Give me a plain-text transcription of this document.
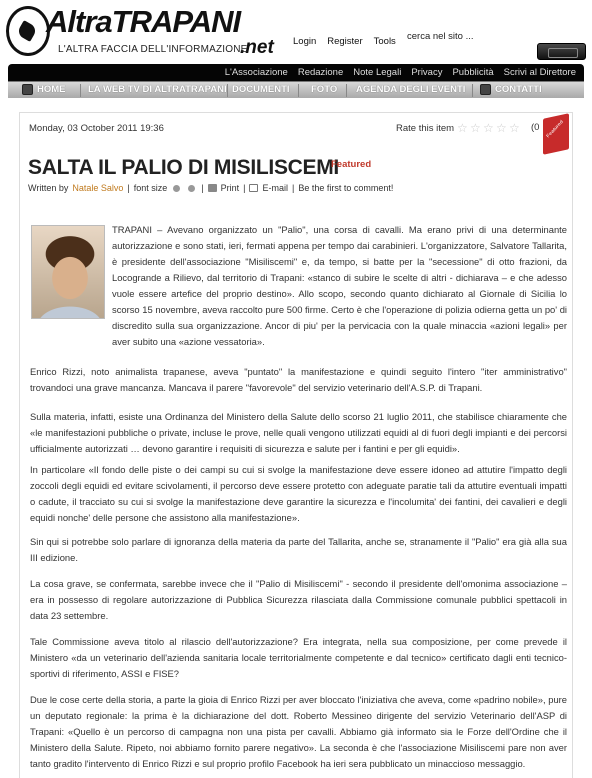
AltraTRAPANI
.net
L'ALTRA FACCIA DELL'INFORMAZIONE
Login Register Tools cerca nel sito ...
L'Associazione Redazione Note Legali Privacy Pubblicità Scrivi al Direttore
HOME LA WEB TV DI ALTRATRAPANI DOCUMENTI FOTO AGENDA DEGLI EVENTI	CONTATTI
Monday, 03 October 2011 19:36	Rate this item ☆ ☆ ☆ ☆ ☆ (0 Featured
SALTA IL PALIO DI MISILISCEMI
Featured
Written by Natale Salvo | font size	| Print | E-mail | Be the first to comment!
TRAPANI – Avevano organizzato un "Palio", una corsa di cavalli. Ma erano privi di una determinante autorizzazione e sono stati, ieri, fermati appena per tempo dai carabinieri. L'organizzatore, Salvatore Tallarita, è presidente dell'associazione "Misiliscemi" e, da tempo, si batte per la "secessione" di otto frazioni, da Locogrande a Rilievo, dal territorio di Trapani: «stanco di subire le scelte di altri - dichiarava – e che adesso vuole essere artefice del proprio destino». Allo scopo, secondo quanto dichiarato al Giornale di Sicilia lo scorso 15 novembre, aveva raccolto pure 500 firme. Certo è che l'operazione di polizia odierna getta un po' di discredito sulla sua organizzazione. Ancor di piu' per la pervicacia con la quale minaccia «azioni legali» per aver subito una «azione vessatoria».
Enrico Rizzi, noto animalista trapanese, aveva "puntato" la manifestazione e quindi seguito l'intero "iter amministrativo" trovandoci una grave mancanza. Mancava il parere "favorevole" del servizio veterinario dell'A.S.P. di Trapani.
Sulla materia, infatti, esiste una Ordinanza del Ministero della Salute dello scorso 21 luglio 2011, che stabilisce chiaramente che «le manifestazioni pubbliche o private, incluse le prove, nelle quali vengono utilizzati equidi al di fuori degli impianti e dei percorsi ufficialmente autorizzati … devono garantire i requisiti di sicurezza e salute per i fantini e per gli equidi».
In particolare «Il fondo delle piste o dei campi su cui si svolge la manifestazione deve essere idoneo ad attutire l'impatto degli zoccoli degli equidi ed evitare scivolamenti, il percorso deve essere protetto con adeguate paratie tali da attutire eventuali impatti o cadute, il tracciato su cui si svolge la manifestazione deve garantire la sicurezza e l'incolumita' dei fantini, dei cavalieri e degli equidi nonche' delle persone che assistono alla manifestazione».
Sin qui si potrebbe solo parlare di ignoranza della materia da parte del Tallarita, anche se, stranamente il "Palio" era già alla sua III edizione.
La cosa grave, se confermata, sarebbe invece che il "Palio di Misiliscemi" - secondo il presidente dell'omonima associazione – era in possesso di regolare autorizzazione di Pubblica Sicurezza rilasciata dalla Commissione comunale pubblici spettacoli in data 23 settembre.
Tale Commissione aveva titolo al rilascio dell'autorizzazione? Era integrata, nella sua composizione, per come prevede il Ministero «da un veterinario dell'azienda sanitaria locale territorialmente competente e dal tecnico» certificato dagli enti tecnico-sportivi di riferimento, ASSI e FISE?
Due le cose certe della storia, a parte la gioia di Enrico Rizzi per aver bloccato l'iniziativa che aveva, come «padrino nobile», pure un deputato regionale: la prima è la dichiarazione del dott. Roberto Messineo dirigente del servizio Veterinario dell'ASP di Trapani: «Quello è un percorso di campagna non una pista per cavalli. Abbiamo già informato sia le Forze dell'Ordine che il Ministero della Salute. Ripeto, noi abbiamo fornito parere negativo». La seconda è che l'associazione Misiliscemi pare non aver tanto gradito l'intervento di Enrico Rizzi e sul proprio profilo Facebook ha ieri sera pubblicato un minaccioso messaggio.
